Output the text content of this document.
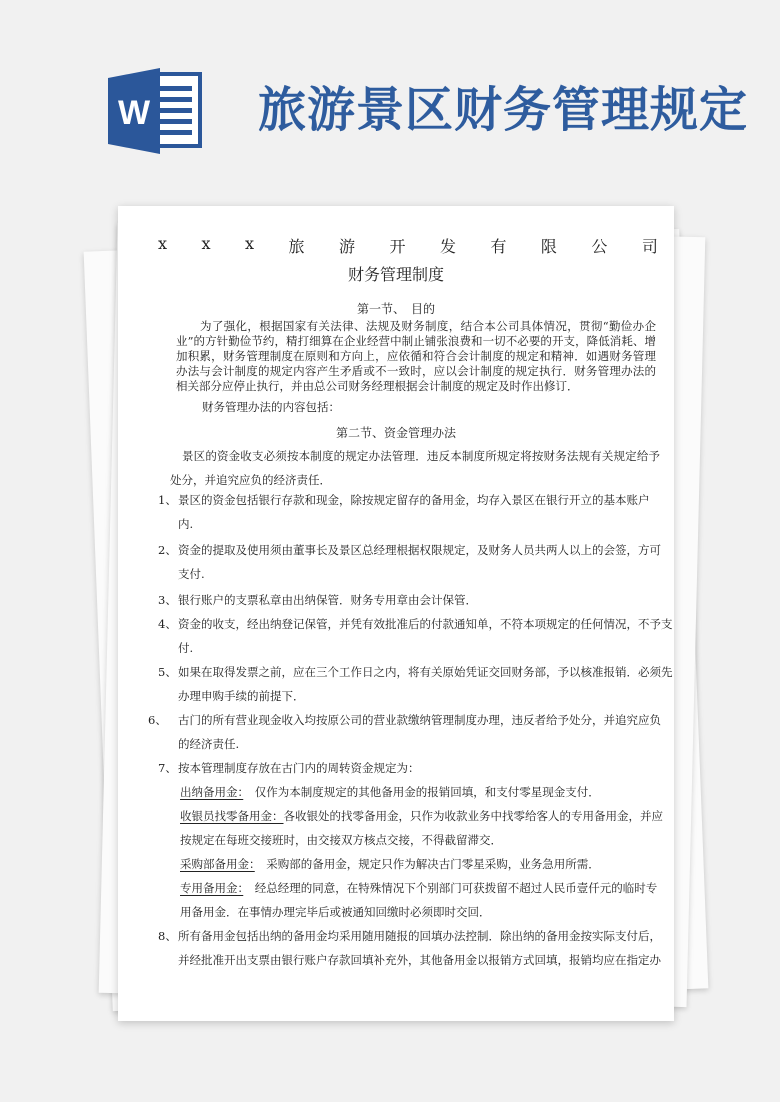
W 旅游景区财务管理规定
x x x 旅 游 开 发 有 限 公 司
财务管理制度
第一节、　目的

为了强化，根据国家有关法律、法规及财务制度，结合本公司具体情况，贯彻“勤俭办企业”的方针勤俭节约，精打细算在企业经营中制止铺张浪费和一切不必要的开支，降低消耗、增加积累，财务管理制度在原则和方向上，应依循和符合会计制度的规定和精神．如遇财务管理办法与会计制度的规定内容产生矛盾或不一致时，应以会计制度的规定执行．财务管理办法的相关部分应停止执行，并由总公司财务经理根据会计制度的规定及时作出修订．

财务管理办法的内容包括：
第二节、资金管理办法

景区的资金收支必须按本制度的规定办法管理．违反本制度所规定将按财务法规有关规定给予处分，并追究应负的经济责任．

1、 景区的资金包括银行存款和现金，除按规定留存的备用金，均存入景区在银行开立的基本账户
内.
2、 资金的提取及使用须由董事长及景区总经理根据权限规定，及财务人员共两人以上的会签，方可
支付.
3、 银行账户的支票私章由出纳保管．财务专用章由会计保管．
4、 资金的收支，经出纳登记保管，并凭有效批准后的付款通知单，不符本项规定的任何情况，不予支
付.
5、 如果在取得发票之前，应在三个工作日之内，将有关原始凭证交回财务部，予以核准报销．必须先
办理申购手续的前提下．
6、 古门的所有营业现金收入均按原公司的营业款缴纳管理制度办理，违反者给予处分，并追究应负
的经济责任.
7、 按本管理制度存放在古门内的周转资金规定为：
出纳备用金：　仅作为本制度规定的其他备用金的报销回填，和支付零星现金支付．
收银员找零备用金：各收银处的找零备用金，只作为收款业务中找零给客人的专用备用金，并应
按规定在每班交接班时，由交接双方核点交接，不得截留滞交．
采购部备用金：　采购部的备用金，规定只作为解决古门零星采购，业务急用所需．
专用备用金：　经总经理的同意，在特殊情况下个别部门可获拨留不超过人民币壹仟元的临时专
用备用金．在事情办理完毕后或被通知回缴时必须即时交回．
8、 所有备用金包括出纳的备用金均采用随用随报的回填办法控制．除出纳的备用金按实际支付后，
并经批准开出支票由银行账户存款回填补充外，其他备用金以报销方式回填，报销均应在指定办
